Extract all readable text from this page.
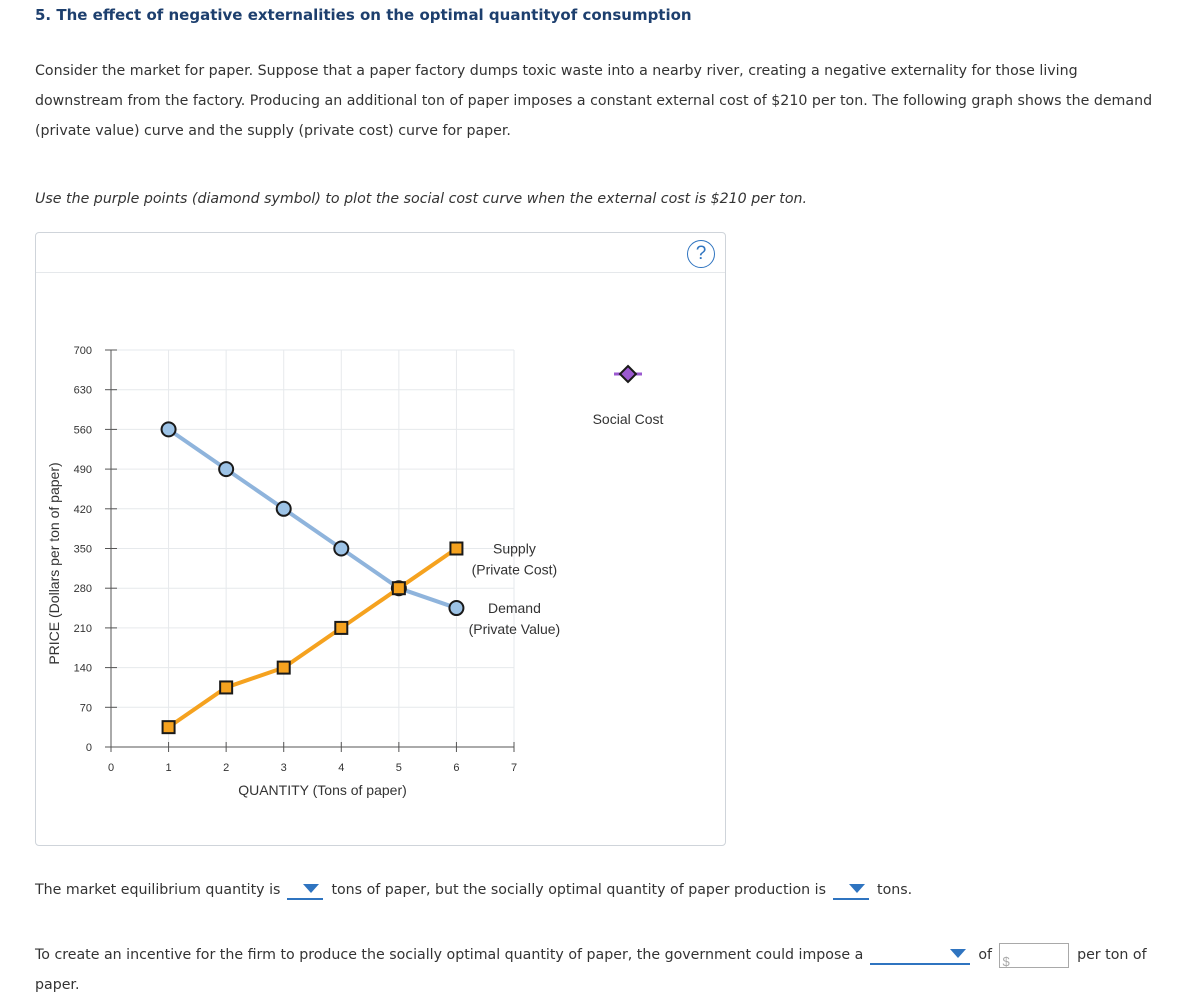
5. The effect of negative externalities on the optimal quantityof consumption

Consider the market for paper. Suppose that a paper factory dumps toxic waste into a nearby river, creating a negative externality for those living downstream from the factory. Producing an additional ton of paper imposes a constant external cost of $210 per ton. The following graph shows the demand (private value) curve and the supply (private cost) curve for paper.

Use the purple points (diamond symbol) to plot the social cost curve when the external cost is $210 per ton.

?
0
70
140
210
280
350
420
490
560
630
700
0	1	2	3	4	5	6	7
QUANTITY (Tons of paper)
PRICE (Dollars per ton of paper)	Demand
(Private Value)
Supply
(Private Cost)
Social Cost

The market equilibrium quantity is	tons of paper, but the socially optimal quantity of paper production is	tons.

To create an incentive for the firm to produce the socially optimal quantity of paper, the government could impose a	of $	per ton of paper.
